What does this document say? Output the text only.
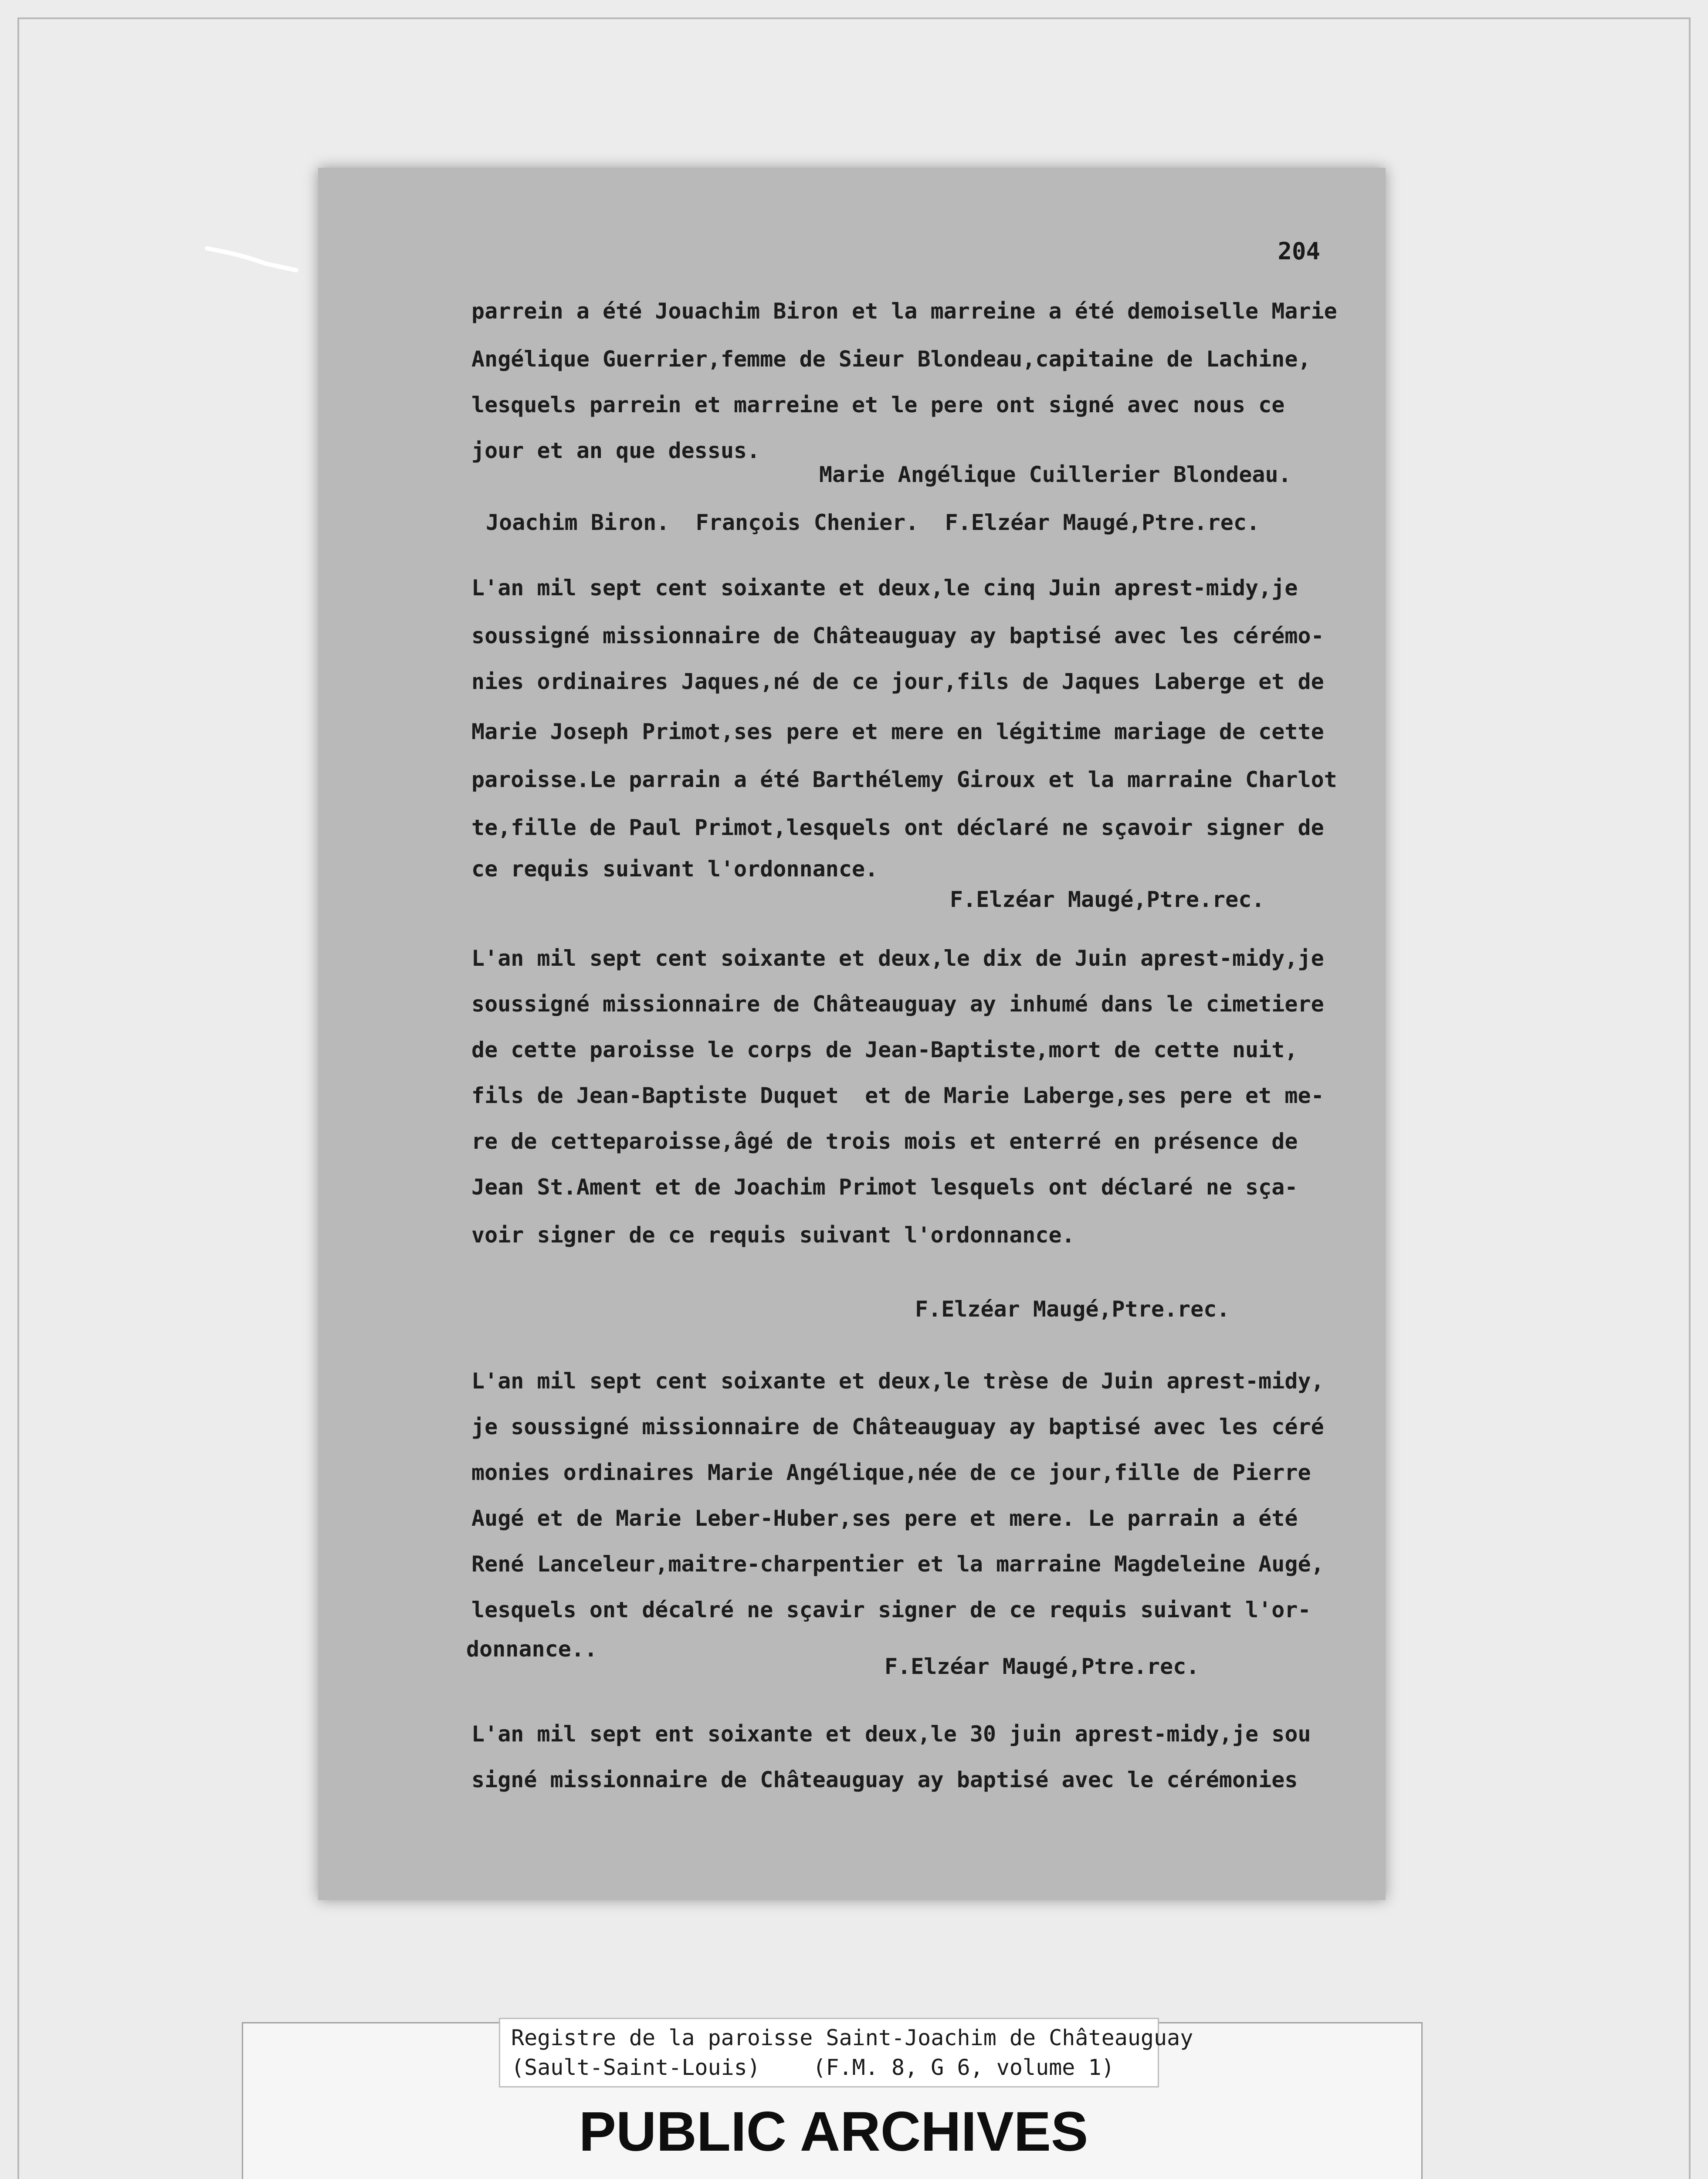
204
parrein a été Jouachim Biron et la marreine a été demoiselle Marie
Angélique Guerrier,femme de Sieur Blondeau,capitaine de Lachine,
lesquels parrein et marreine et le pere ont signé avec nous ce
jour et an que dessus.
Marie Angélique Cuillerier Blondeau.
Joachim Biron.  François Chenier.  F.Elzéar Maugé,Ptre.rec.
L'an mil sept cent soixante et deux,le cinq Juin aprest-midy,je
soussigné missionnaire de Châteauguay ay baptisé avec les cérémo-
nies ordinaires Jaques,né de ce jour,fils de Jaques Laberge et de
Marie Joseph Primot,ses pere et mere en légitime mariage de cette
paroisse.Le parrain a été Barthélemy Giroux et la marraine Charlot
te,fille de Paul Primot,lesquels ont déclaré ne sçavoir signer de
ce requis suivant l'ordonnance.
F.Elzéar Maugé,Ptre.rec.
L'an mil sept cent soixante et deux,le dix de Juin aprest-midy,je
soussigné missionnaire de Châteauguay ay inhumé dans le cimetiere
de cette paroisse le corps de Jean-Baptiste,mort de cette nuit,
fils de Jean-Baptiste Duquet  et de Marie Laberge,ses pere et me-
re de cetteparoisse,âgé de trois mois et enterré en présence de
Jean St.Ament et de Joachim Primot lesquels ont déclaré ne sça-
voir signer de ce requis suivant l'ordonnance.
F.Elzéar Maugé,Ptre.rec.
L'an mil sept cent soixante et deux,le trèse de Juin aprest-midy,
je soussigné missionnaire de Châteauguay ay baptisé avec les céré
monies ordinaires Marie Angélique,née de ce jour,fille de Pierre
Augé et de Marie Leber-Huber,ses pere et mere. Le parrain a été
René Lanceleur,maitre-charpentier et la marraine Magdeleine Augé,
lesquels ont décalré ne sçavir signer de ce requis suivant l'or-
donnance..
F.Elzéar Maugé,Ptre.rec.
L'an mil sept ent soixante et deux,le 30 juin aprest-midy,je sou
signé missionnaire de Châteauguay ay baptisé avec le cérémonies
PUBLIC ARCHIVES
Registre de la paroisse Saint-Joachim de Châteauguay
(Sault-Saint-Louis)    (F.M. 8, G 6, volume 1)
